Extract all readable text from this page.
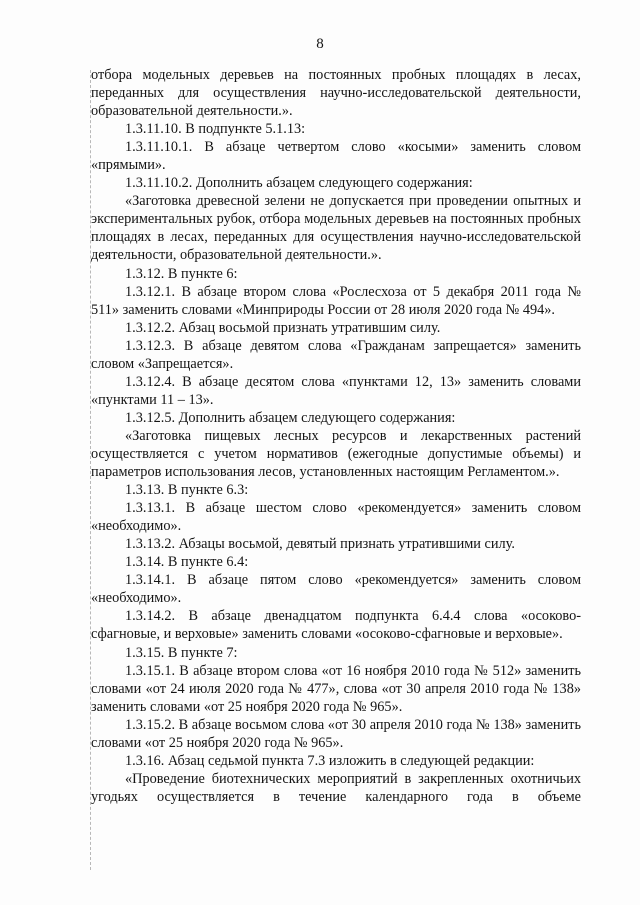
8

отбора модельных деревьев на постоянных пробных площадях в лесах, переданных для осуществления научно-исследовательской деятельности, образовательной деятельности.».

1.3.11.10. В подпункте 5.1.13:

1.3.11.10.1. В абзаце четвертом слово «косыми» заменить словом «прямыми».

1.3.11.10.2. Дополнить абзацем следующего содержания:

«Заготовка древесной зелени не допускается при проведении опытных и экспериментальных рубок, отбора модельных деревьев на постоянных пробных площадях в лесах, переданных для осуществления научно-исследовательской деятельности, образовательной деятельности.».

1.3.12. В пункте 6:

1.3.12.1. В абзаце втором слова «Рослесхоза от 5 декабря 2011 года № 511» заменить словами «Минприроды России от 28 июля 2020 года № 494».

1.3.12.2. Абзац восьмой признать утратившим силу.

1.3.12.3. В абзаце девятом слова «Гражданам запрещается» заменить словом «Запрещается».

1.3.12.4. В абзаце десятом слова «пунктами 12, 13» заменить словами «пунктами 11 – 13».

1.3.12.5. Дополнить абзацем следующего содержания:

«Заготовка пищевых лесных ресурсов и лекарственных растений осуществляется с учетом нормативов (ежегодные допустимые объемы) и параметров использования лесов, установленных настоящим Регламентом.».

1.3.13. В пункте 6.3:

1.3.13.1. В абзаце шестом слово «рекомендуется» заменить словом «необходимо».

1.3.13.2. Абзацы восьмой, девятый признать утратившими силу.

1.3.14. В пункте 6.4:

1.3.14.1. В абзаце пятом слово «рекомендуется» заменить словом «необходимо».

1.3.14.2. В абзаце двенадцатом подпункта 6.4.4 слова «осоково-сфагновые, и верховые» заменить словами «осоково-сфагновые и верховые».

1.3.15. В пункте 7:

1.3.15.1. В абзаце втором слова «от 16 ноября 2010 года № 512» заменить словами «от 24 июля 2020 года № 477», слова «от 30 апреля 2010 года № 138» заменить словами «от 25 ноября 2020 года № 965».

1.3.15.2. В абзаце восьмом слова «от 30 апреля 2010 года № 138» заменить словами «от 25 ноября 2020 года № 965».

1.3.16. Абзац седьмой пункта 7.3 изложить в следующей редакции:

«Проведение биотехнических мероприятий в закрепленных охотничьих угодьях осуществляется в течение календарного года в объеме
